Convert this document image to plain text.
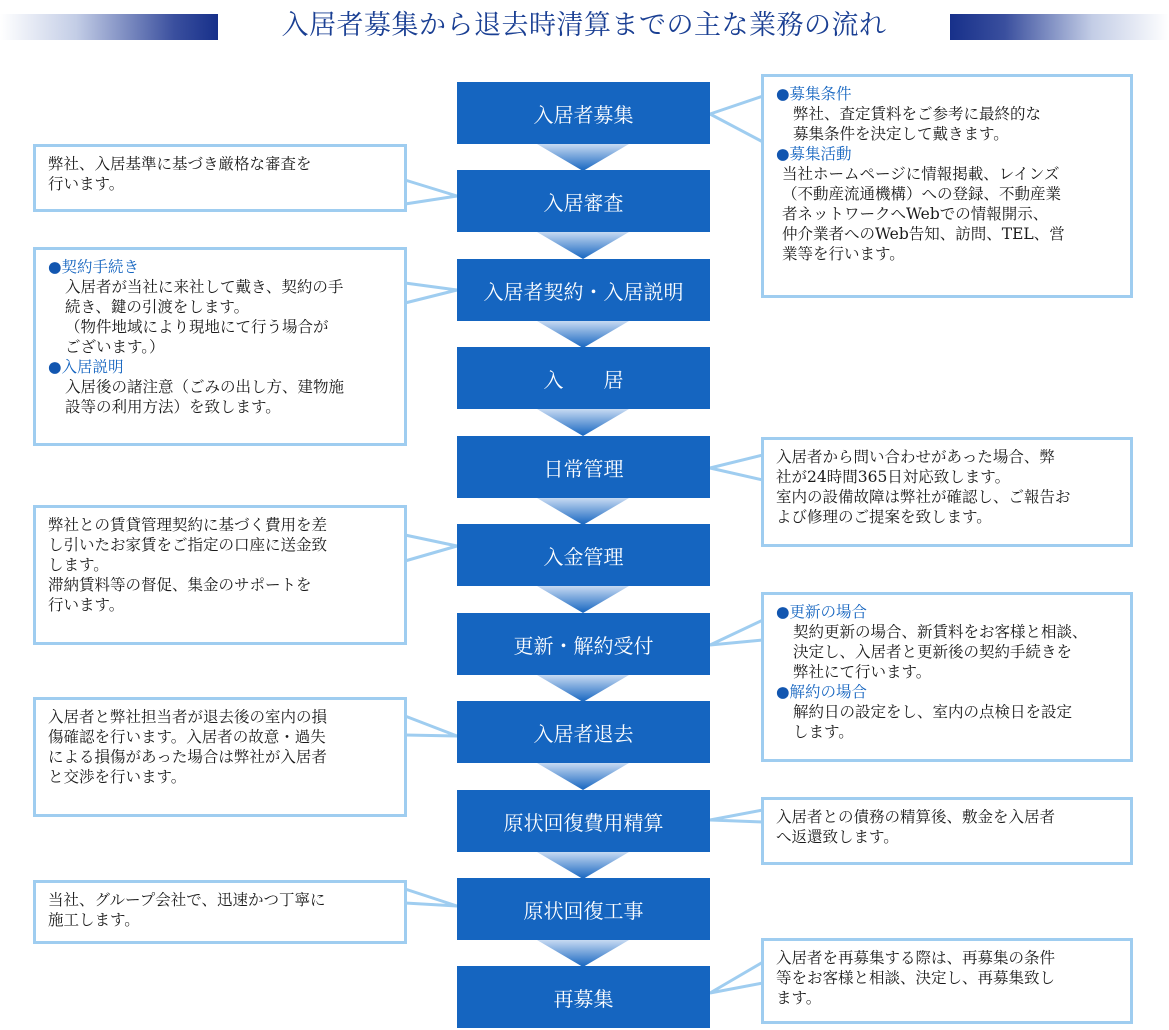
入居者募集から退去時清算までの主な業務の流れ
入居者募集
入居審査
入居者契約・入居説明
入　　居
日常管理
入金管理
更新・解約受付
入居者退去
原状回復費用精算
原状回復工事
再募集
●募集条件
弊社、査定賃料をご参考に最終的な
募集条件を決定して戴きます。
●募集活動
当社ホームページに情報掲載、レインズ
（不動産流通機構）への登録、不動産業
者ネットワークへWebでの情報開示、
仲介業者へのWeb告知、訪問、TEL、営
業等を行います。
弊社、入居基準に基づき厳格な審査を
行います。
●契約手続き
入居者が当社に来社して戴き、契約の手
続き、鍵の引渡をします。
（物件地域により現地にて行う場合が
ございます。）
●入居説明
入居後の諸注意（ごみの出し方、建物施
設等の利用方法）を致します。
入居者から問い合わせがあった場合、弊
社が24時間365日対応致します。
室内の設備故障は弊社が確認し、ご報告お
よび修理のご提案を致します。
弊社との賃貸管理契約に基づく費用を差
し引いたお家賃をご指定の口座に送金致
します。
滞納賃料等の督促、集金のサポートを
行います。	●更新の場合
契約更新の場合、新賃料をお客様と相談、
決定し、入居者と更新後の契約手続きを
弊社にて行います。
●解約の場合
解約日の設定をし、室内の点検日を設定
します。
入居者と弊社担当者が退去後の室内の損
傷確認を行います。入居者の故意・過失
による損傷があった場合は弊社が入居者
と交渉を行います。
入居者との債務の精算後、敷金を入居者
へ返還致します。
当社、グループ会社で、迅速かつ丁寧に
施工します。
入居者を再募集する際は、再募集の条件
等をお客様と相談、決定し、再募集致し
ます。
